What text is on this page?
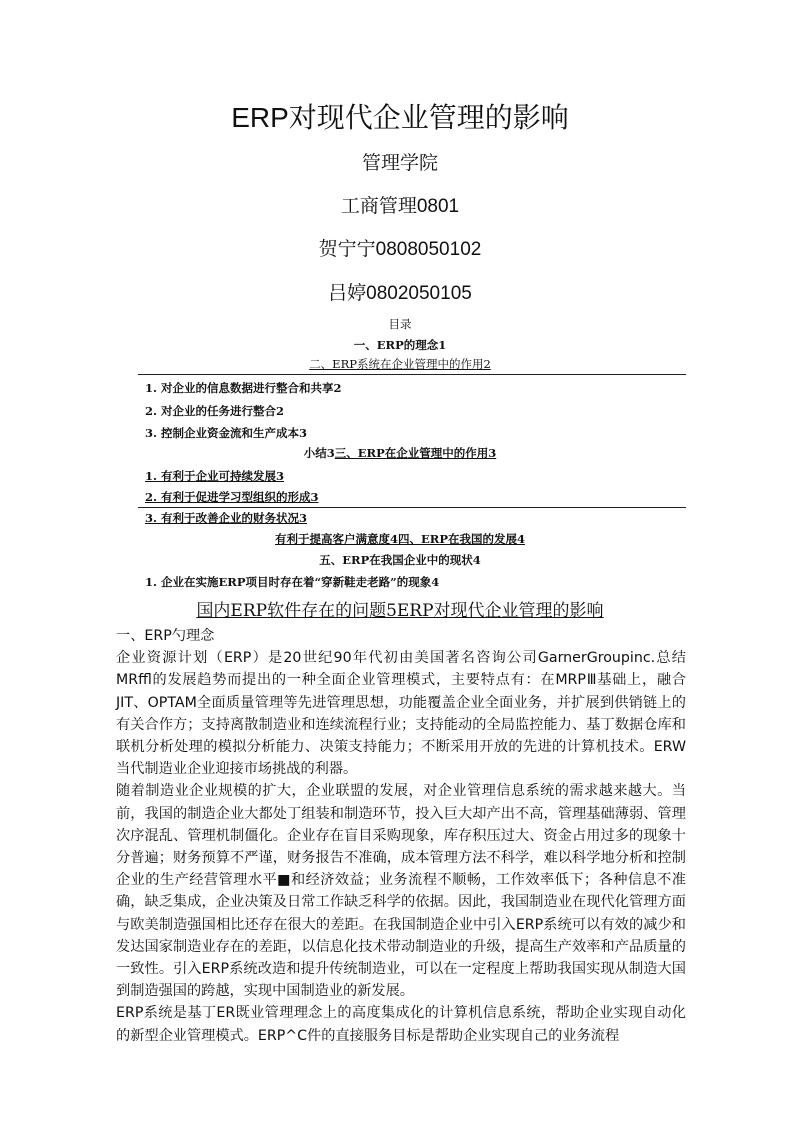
ERP对现代企业管理的影响
管理学院
工商管理0801
贺宁宁0808050102
吕婷0802050105
目录
一、ERP的理念1
二、ERP系统在企业管理中的作用2
1. 对企业的信息数据进行整合和共享2
2. 对企业的任务进行整合2
3. 控制企业资金流和生产成本3
小结3三、ERP在企业管理中的作用3
1. 有利于企业可持续发展3
2. 有利于促进学习型组织的形成3
3. 有利于改善企业的财务状况3
有利于提高客户满意度4四、ERP在我国的发展4
五、ERP在我国企业中的现状4
1. 企业在实施ERP项目时存在着“穿新鞋走老路”的现象4
国内ERP软件存在的问题5ERP对现代企业管理的影响

一、ERP勺理念

企业资源计划（ERP）是20世纪90年代初由美国著名咨询公司GarnerGroupinc.总结MRffl的发展趋势而提出的一种全面企业管理模式，主要特点有：在MRPⅢ基础上，融合JIT、OPTAM全面质量管理等先进管理思想，功能覆盖企业全面业务，并扩展到供销链上的有关合作方；支持离散制造业和连续流程行业；支持能动的全局监控能力、基丁数据仓库和联机分析处理的模拟分析能力、决策支持能力；不断采用开放的先进的计算机技术。ERW当代制造业企业迎接市场挑战的利器。

随着制造业企业规模的扩大，企业联盟的发展，对企业管理信息系统的需求越来越大。当前，我国的制造企业大都处丁组装和制造环节，投入巨大却产出不高，管理基础薄弱、管理次序混乱、管理机制僵化。企业存在盲目采购现象，库存积压过大、资金占用过多的现象十分普遍；财务预算不严谨，财务报告不准确，成本管理方法不科学，难以科学地分析和控制企业的生产经营管理水平■和经济效益；业务流程不顺畅，工作效率低下；各种信息不准确，缺乏集成，企业决策及日常工作缺乏科学的依据。因此，我国制造业在现代化管理方面与欧美制造强国相比还存在很大的差距。在我国制造企业中引入ERP系统可以有效的减少和发达国家制造业存在的差距，以信息化技术带动制造业的升级，提高生产效率和产品质量的一致性。引入ERP系统改造和提升传统制造业，可以在一定程度上帮助我国实现从制造大国到制造强国的跨越，实现中国制造业的新发展。

ERP系统是基丁ER既业管理理念上的高度集成化的计算机信息系统，帮助企业实现自动化的新型企业管理模式。ERP^C件的直接服务目标是帮助企业实现自己的业务流程
